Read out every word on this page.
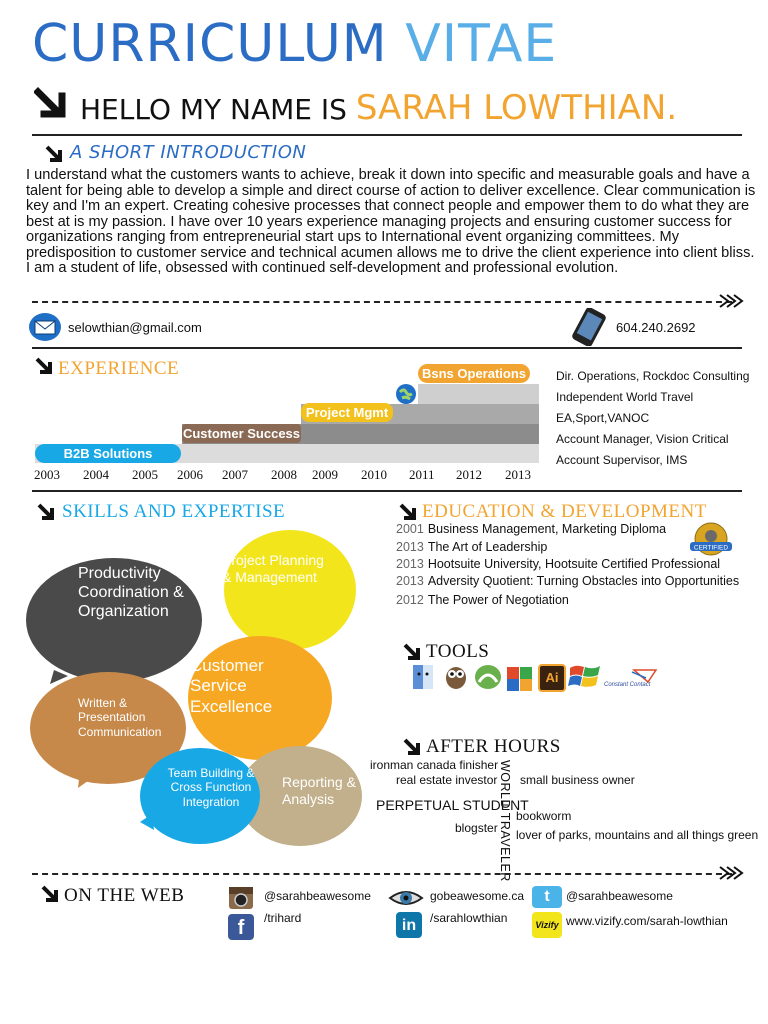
CURRICULUM VITAE
HELLO MY NAME IS SARAH LOWTHIAN.
A SHORT INTRODUCTION
I understand what the customers wants to achieve, break it down into specific and measurable goals and have a talent for being able to develop a simple and direct course of action to deliver excellence. Clear communication is key and I'm an expert. Creating cohesive processes that connect people and empower them to do what they are best at is my passion. I have over 10 years experience managing projects and ensuring customer success for organizations ranging from entrepreneurial start ups to International event organizing committees. My predisposition to customer service and technical acumen allows me to drive the client experience into client bliss. I am a student of life, obsessed with continued self-development and professional evolution.
selowthian@gmail.com	604.240.2692
EXPERIENCE
B2B Solutions
Customer Success
Project Mgmt
Bsns Operations
2003 2004 2005 2006 2007 2008 2009 2010 2011 2012 2013
Dir. Operations, Rockdoc Consulting
Independent World Travel
EA,Sport,VANOC
Account Manager, Vision Critical
Account Supervisor, IMS
SKILLS AND EXPERTISE
Productivity Coordination & Organization
Project Planning & Management
Customer Service Excellence
Written & Presentation Communication
Team Building & Cross Function Integration
Reporting & Analysis
EDUCATION & DEVELOPMENT
2001 Business Management, Marketing Diploma
2013 The Art of Leadership
2013 Hootsuite University, Hootsuite Certified Professional
2013 Adversity Quotient: Turning Obstacles into Opportunities
2012 The Power of Negotiation
CERTIFIED
TOOLS
Ai	Constant Contact
AFTER HOURS
ironman canada finisher
real estate investor small business owner
PERPETUAL STUDENT
bookworm
blogster lover of parks, mountains and all things green
WORLD TRAVELER
ON THE WEB	@sarahbeawesome
f	/trihard
gobeawesome.ca
in	/sarahlowthian
t	@sarahbeawesome
Vizify www.vizify.com/sarah-lowthian
